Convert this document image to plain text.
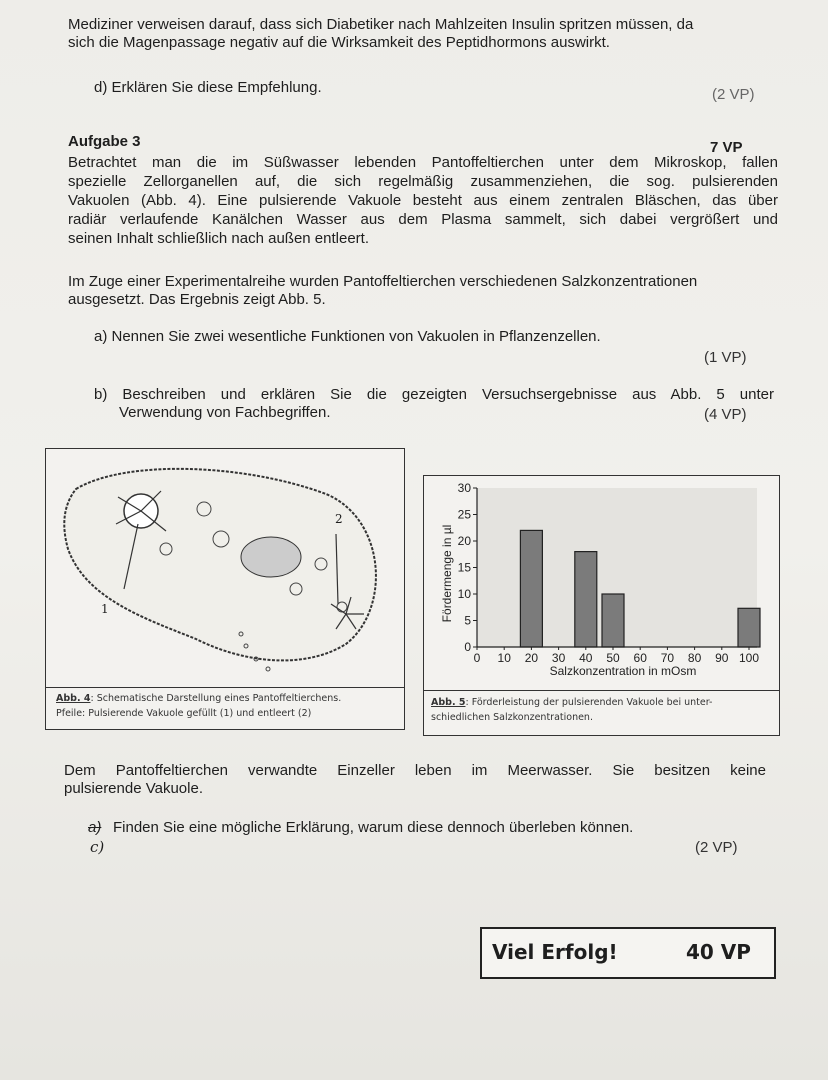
Mediziner verweisen darauf, dass sich Diabetiker nach Mahlzeiten Insulin spritzen müssen, da
sich die Magenpassage negativ auf die Wirksamkeit des Peptidhormons auswirkt.
d) Erklären Sie diese Empfehlung.	(2 VP)
Aufgabe 3	7 VP
Betrachtet man die im Süßwasser lebenden Pantoffeltierchen unter dem Mikroskop, fallen
spezielle Zellorganellen auf, die sich regelmäßig zusammenziehen, die sog. pulsierenden
Vakuolen (Abb. 4). Eine pulsierende Vakuole besteht aus einem zentralen Bläschen, das über
radiär verlaufende Kanälchen Wasser aus dem Plasma sammelt, sich dabei vergrößert und
seinen Inhalt schließlich nach außen entleert.
Im Zuge einer Experimentalreihe wurden Pantoffeltierchen verschiedenen Salzkonzentrationen
ausgesetzt. Das Ergebnis zeigt Abb. 5.
a) Nennen Sie zwei wesentliche Funktionen von Vakuolen in Pflanzenzellen.
(1 VP)
b) Beschreiben und erklären Sie die gezeigten Versuchsergebnisse aus Abb. 5 unter
Verwendung von Fachbegriffen.	(4 VP)
1
2
Abb. 4: Schematische Darstellung eines Pantoffeltierchens.
Pfeile: Pulsierende Vakuole gefüllt (1) und entleert (2)
0
5
10
15
20
25
30
0 10 20 30 40 50 60 70 80 90 100
Salzkonzentration in mOsm
Fördermenge in µl
Abb. 5: Förderleistung der pulsierenden Vakuole bei unter-
schiedlichen Salzkonzentrationen.
Dem Pantoffeltierchen verwandte Einzeller leben im Meerwasser. Sie besitzen keine
pulsierende Vakuole.
a)
c)
Finden Sie eine mögliche Erklärung, warum diese dennoch überleben können.
(2 VP)
Viel Erfolg!	40 VP
